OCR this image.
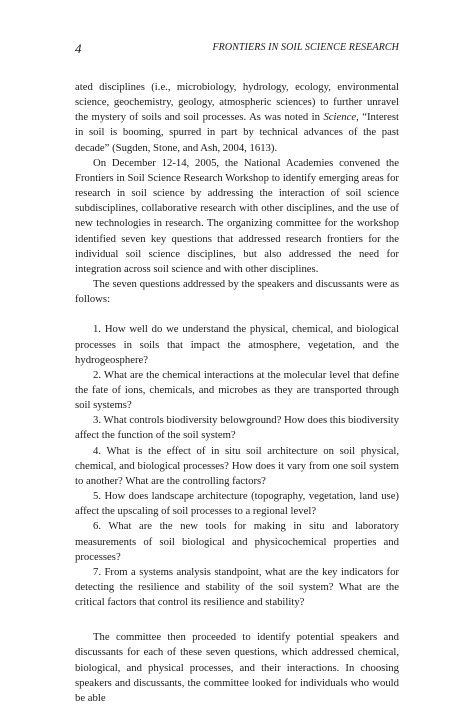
4	FRONTIERS IN SOIL SCIENCE RESEARCH

ated disciplines (i.e., microbiology, hydrology, ecology, environmental science, geochemistry, geology, atmospheric sciences) to further unravel the mystery of soils and soil processes. As was noted in Science, “Interest in soil is booming, spurred in part by technical advances of the past decade” (Sugden, Stone, and Ash, 2004, 1613).

On December 12-14, 2005, the National Academies convened the Frontiers in Soil Science Research Workshop to identify emerging areas for research in soil science by addressing the interaction of soil science subdisciplines, collaborative research with other disciplines, and the use of new technologies in research. The organizing committee for the workshop identified seven key questions that addressed research frontiers for the individual soil science disciplines, but also addressed the need for integration across soil science and with other disciplines.

The seven questions addressed by the speakers and discussants were as follows:

1. How well do we understand the physical, chemical, and biological processes in soils that impact the atmosphere, vegetation, and the hydrogeosphere?

2. What are the chemical interactions at the molecular level that define the fate of ions, chemicals, and microbes as they are transported through soil systems?

3. What controls biodiversity belowground? How does this biodiversity affect the function of the soil system?

4. What is the effect of in situ soil architecture on soil physical, chemical, and biological processes? How does it vary from one soil system to another? What are the controlling factors?

5. How does landscape architecture (topography, vegetation, land use) affect the upscaling of soil processes to a regional level?

6. What are the new tools for making in situ and laboratory measurements of soil biological and physicochemical properties and processes?

7. From a systems analysis standpoint, what are the key indicators for detecting the resilience and stability of the soil system? What are the critical factors that control its resilience and stability?

The committee then proceeded to identify potential speakers and discussants for each of these seven questions, which addressed chemical, biological, and physical processes, and their interactions. In choosing speakers and discussants, the committee looked for individuals who would be able
